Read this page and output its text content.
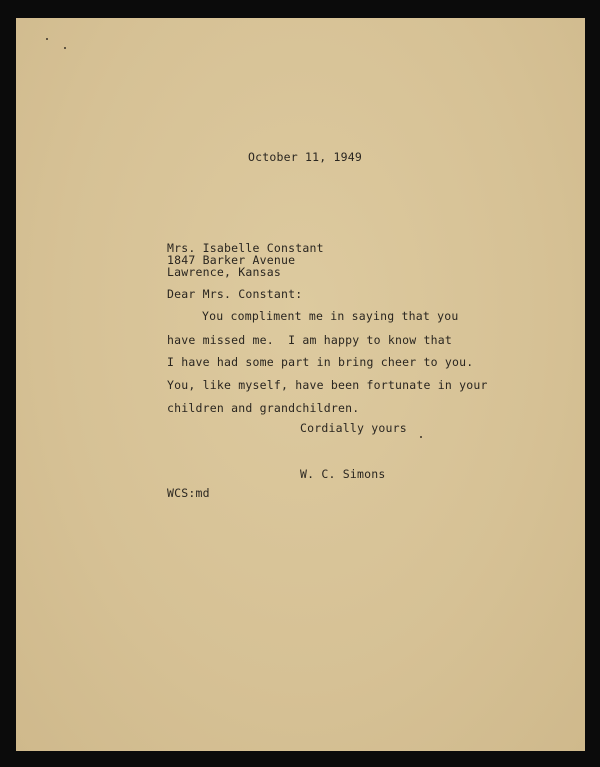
October 11, 1949
Mrs. Isabelle Constant
1847 Barker Avenue
Lawrence, Kansas
Dear Mrs. Constant:
You compliment me in saying that you
have missed me.  I am happy to know that
I have had some part in bring cheer to you.
You, like myself, have been fortunate in your
children and grandchildren.
Cordially yours
W. C. Simons
WCS:md
